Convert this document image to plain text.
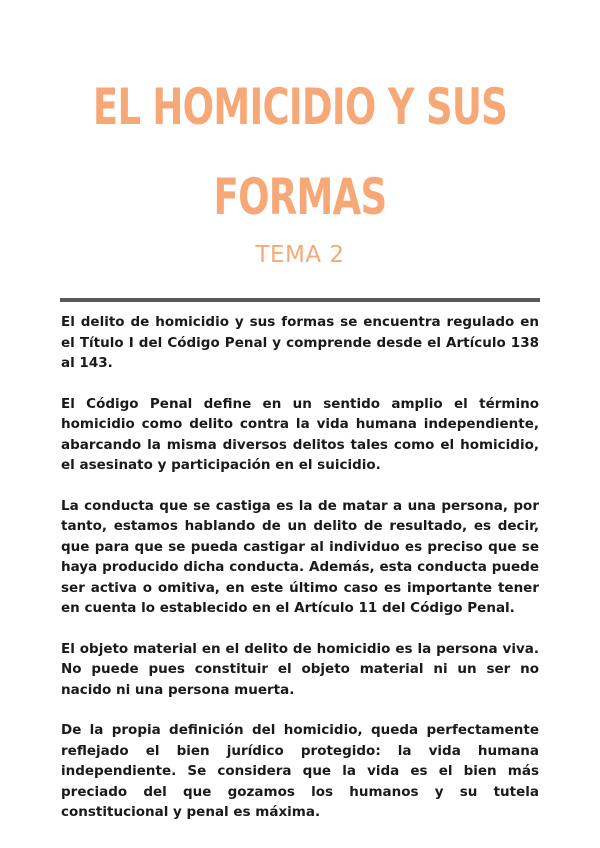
EL HOMICIDIO Y SUS
FORMAS
TEMA 2

El delito de homicidio y sus formas se encuentra regulado en el Título I del Código Penal y comprende desde el Artículo 138 al 143.

El Código Penal define en un sentido amplio el término homicidio como delito contra la vida humana independiente, abarcando la misma diversos delitos tales como el homicidio, el asesinato y participación en el suicidio.

La conducta que se castiga es la de matar a una persona, por tanto, estamos hablando de un delito de resultado, es decir, que para que se pueda castigar al individuo es preciso que se haya producido dicha conducta. Además, esta conducta puede ser activa o omitiva, en este último caso es importante tener en cuenta lo establecido en el Artículo 11 del Código Penal.

El objeto material en el delito de homicidio es la persona viva. No puede pues constituir el objeto material ni un ser no nacido ni una persona muerta.

De la propia definición del homicidio, queda perfectamente reflejado el bien jurídico protegido: la vida humana independiente. Se considera que la vida es el bien más preciado del que gozamos los humanos y su tutela constitucional y penal es máxima.
